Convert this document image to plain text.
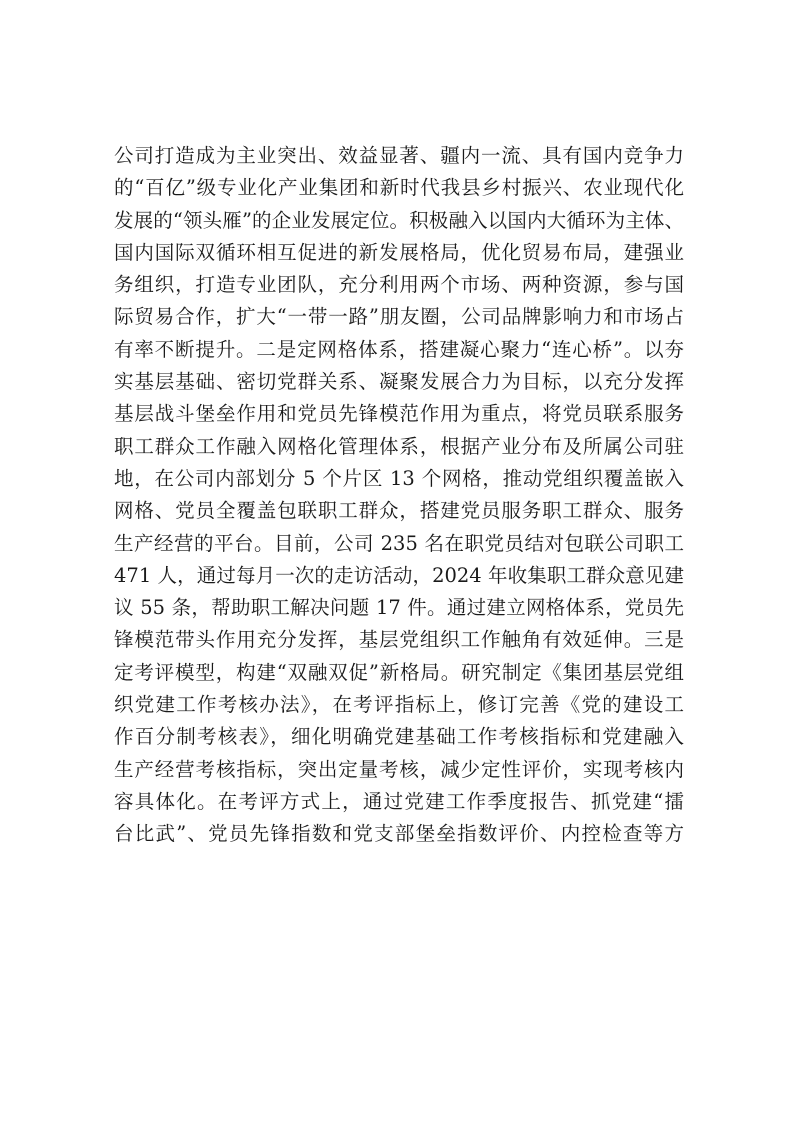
公司打造成为主业突出、效益显著、疆内一流、具有国内竞争力
的“百亿”级专业化产业集团和新时代我县乡村振兴、农业现代化
发展的“领头雁”的企业发展定位。积极融入以国内大循环为主体、
国内国际双循环相互促进的新发展格局，优化贸易布局，建强业
务组织，打造专业团队，充分利用两个市场、两种资源，参与国
际贸易合作，扩大“一带一路”朋友圈，公司品牌影响力和市场占
有率不断提升。二是定网格体系，搭建凝心聚力“连心桥”。以夯
实基层基础、密切党群关系、凝聚发展合力为目标，以充分发挥
基层战斗堡垒作用和党员先锋模范作用为重点，将党员联系服务
职工群众工作融入网格化管理体系，根据产业分布及所属公司驻
地，在公司内部划分 5 个片区 13 个网格，推动党组织覆盖嵌入
网格、党员全覆盖包联职工群众，搭建党员服务职工群众、服务
生产经营的平台。目前，公司 235 名在职党员结对包联公司职工
471 人，通过每月一次的走访活动，2024 年收集职工群众意见建
议 55 条，帮助职工解决问题 17 件。通过建立网格体系，党员先
锋模范带头作用充分发挥，基层党组织工作触角有效延伸。三是
定考评模型，构建“双融双促”新格局。研究制定《集团基层党组
织党建工作考核办法》，在考评指标上，修订完善《党的建设工
作百分制考核表》，细化明确党建基础工作考核指标和党建融入
生产经营考核指标，突出定量考核，减少定性评价，实现考核内
容具体化。在考评方式上，通过党建工作季度报告、抓党建“擂
台比武”、党员先锋指数和党支部堡垒指数评价、内控检查等方
